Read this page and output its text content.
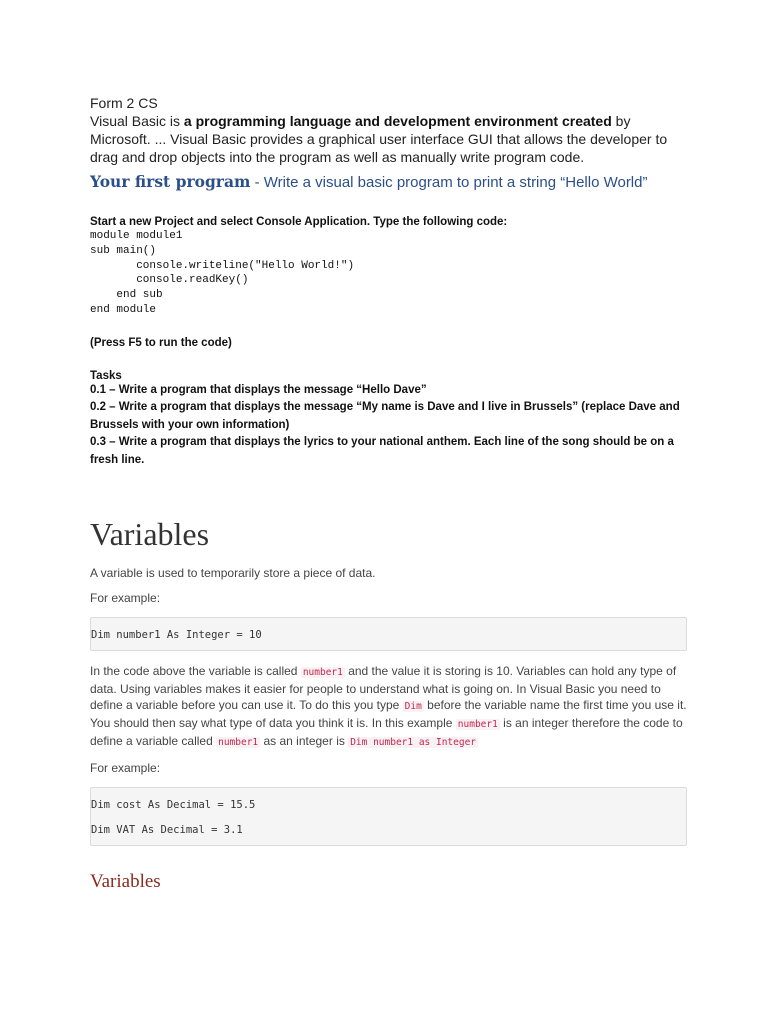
Form 2 CS

Visual Basic is a programming language and development environment created by Microsoft. ... Visual Basic provides a graphical user interface GUI that allows the developer to drag and drop objects into the program as well as manually write program code.

Your first program - Write a visual basic program to print a string “Hello World”
Start a new Project and select Console Application. Type the following code:
module module1
sub main()
console.writeline("Hello World!")
console.readKey()
end sub
end module
(Press F5 to run the code)
Tasks
0.1 – Write a program that displays the message “Hello Dave”
0.2 – Write a program that displays the message “My name is Dave and I live in Brussels” (replace Dave and Brussels with your own information)
0.3 – Write a program that displays the lyrics to your national anthem. Each line of the song should be on a fresh line.
Variables

A variable is used to temporarily store a piece of data.

For example:

Dim number1 As Integer = 10
In the code above the variable is called number1 and the value it is storing is 10. Variables can hold any type of data. Using variables makes it easier for people to understand what is going on. In Visual Basic you need to define a variable before you can use it. To do this you type Dim before the variable name the first time you use it. You should then say what type of data you think it is. In this example number1 is an integer therefore the code to define a variable called number1 as an integer is Dim number1 as Integer

For example:

Dim cost As Decimal = 15.5
Dim VAT As Decimal = 3.1
Variables
